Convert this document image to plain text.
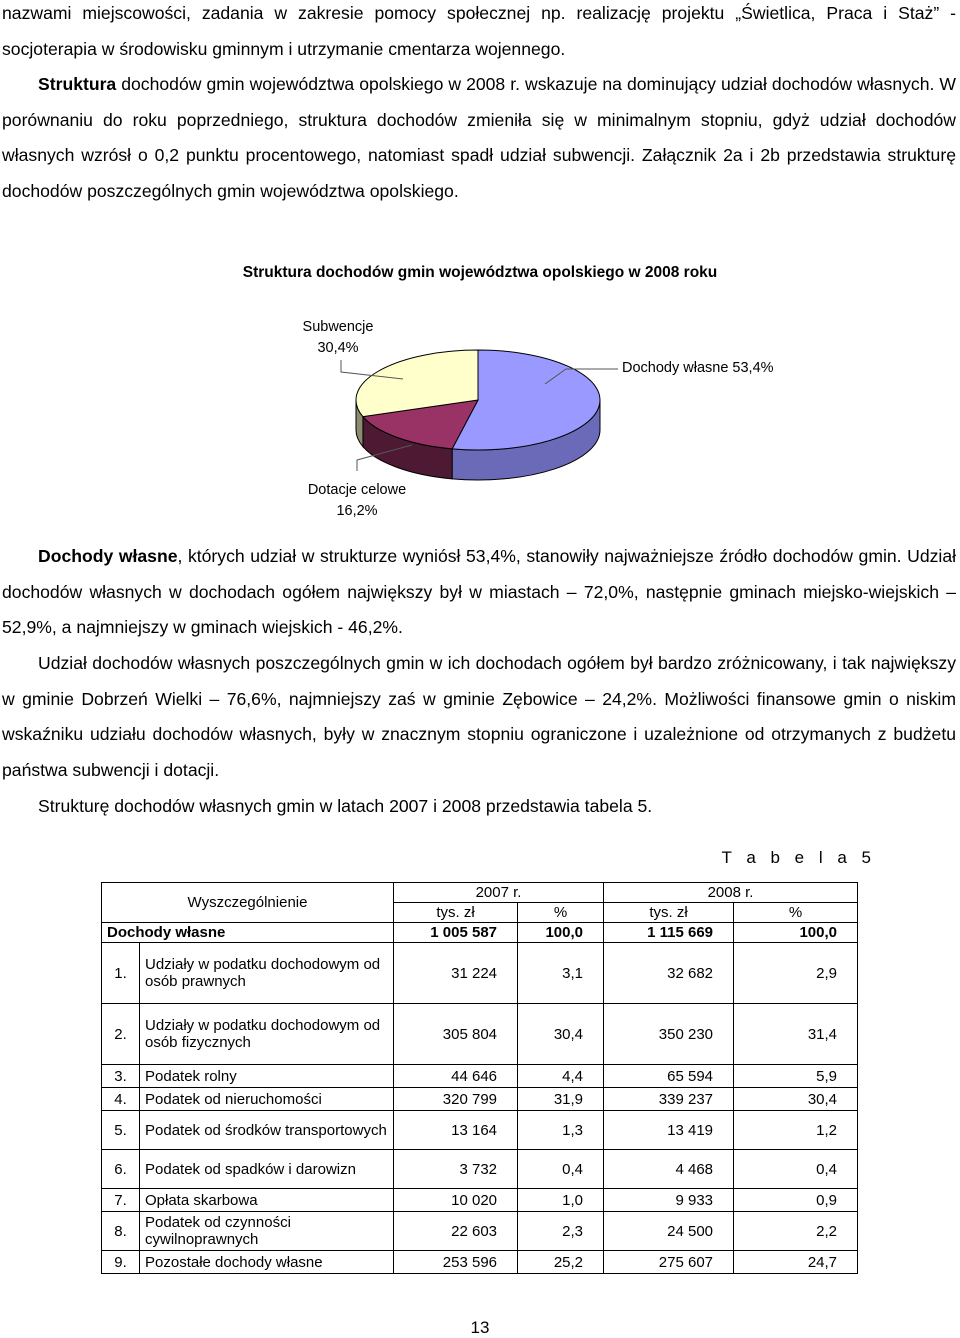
nazwami miejscowości, zadania w zakresie pomocy społecznej np. realizację projektu „Świetlica, Praca i Staż” - socjoterapia w środowisku gminnym i utrzymanie cmentarza wojennego.

Struktura dochodów gmin województwa opolskiego w 2008 r. wskazuje na dominujący udział dochodów własnych. W porównaniu do roku poprzedniego, struktura dochodów zmieniła się w minimalnym stopniu, gdyż udział dochodów własnych wzrósł o 0,2 punktu procentowego, natomiast spadł udział subwencji. Załącznik 2a i 2b przedstawia strukturę dochodów poszczególnych gmin województwa opolskiego.

Struktura dochodów gmin województwa opolskiego w 2008 roku
Subwencje
30,4%
Dochody własne 53,4%
Dotacje celowe
16,2%

Dochody własne, których udział w strukturze wyniósł 53,4%, stanowiły najważniejsze źródło dochodów gmin. Udział dochodów własnych w dochodach ogółem największy był w miastach – 72,0%, następnie gminach miejsko-wiejskich – 52,9%, a najmniejszy w gminach wiejskich - 46,2%.

Udział dochodów własnych poszczególnych gmin w ich dochodach ogółem był bardzo zróżnicowany, i tak największy w gminie Dobrzeń Wielki – 76,6%, najmniejszy zaś w gminie Zębowice – 24,2%. Możliwości finansowe gmin o niskim wskaźniku udziału dochodów własnych, były w znacznym stopniu ograniczone i uzależnione od otrzymanych z budżetu państwa subwencji i dotacji.

Strukturę dochodów własnych gmin w latach 2007 i 2008 przedstawia tabela 5.

T a b e l a 5
Wyszczególnienie		2007 r.		2008 r.	
		tys. zł	%	tys. zł	%
Dochody własne		1 005 587	100,0	1 115 669	100,0
1.	Udziały w podatku dochodowym od osób prawnych	31 224	3,1	32 682	2,9
2.	Udziały w podatku dochodowym od osób fizycznych	305 804	30,4	350 230	31,4
3.	Podatek rolny	44 646	4,4	65 594	5,9
4.	Podatek od nieruchomości	320 799	31,9	339 237	30,4
5.	Podatek od środków transportowych	13 164	1,3	13 419	1,2
6.	Podatek od spadków i darowizn	3 732	0,4	4 468	0,4
7.	Opłata skarbowa	10 020	1,0	9 933	0,9
8.	Podatek od czynności cywilnoprawnych	22 603	2,3	24 500	2,2
9.	Pozostałe dochody własne	253 596	25,2	275 607	24,7
13
